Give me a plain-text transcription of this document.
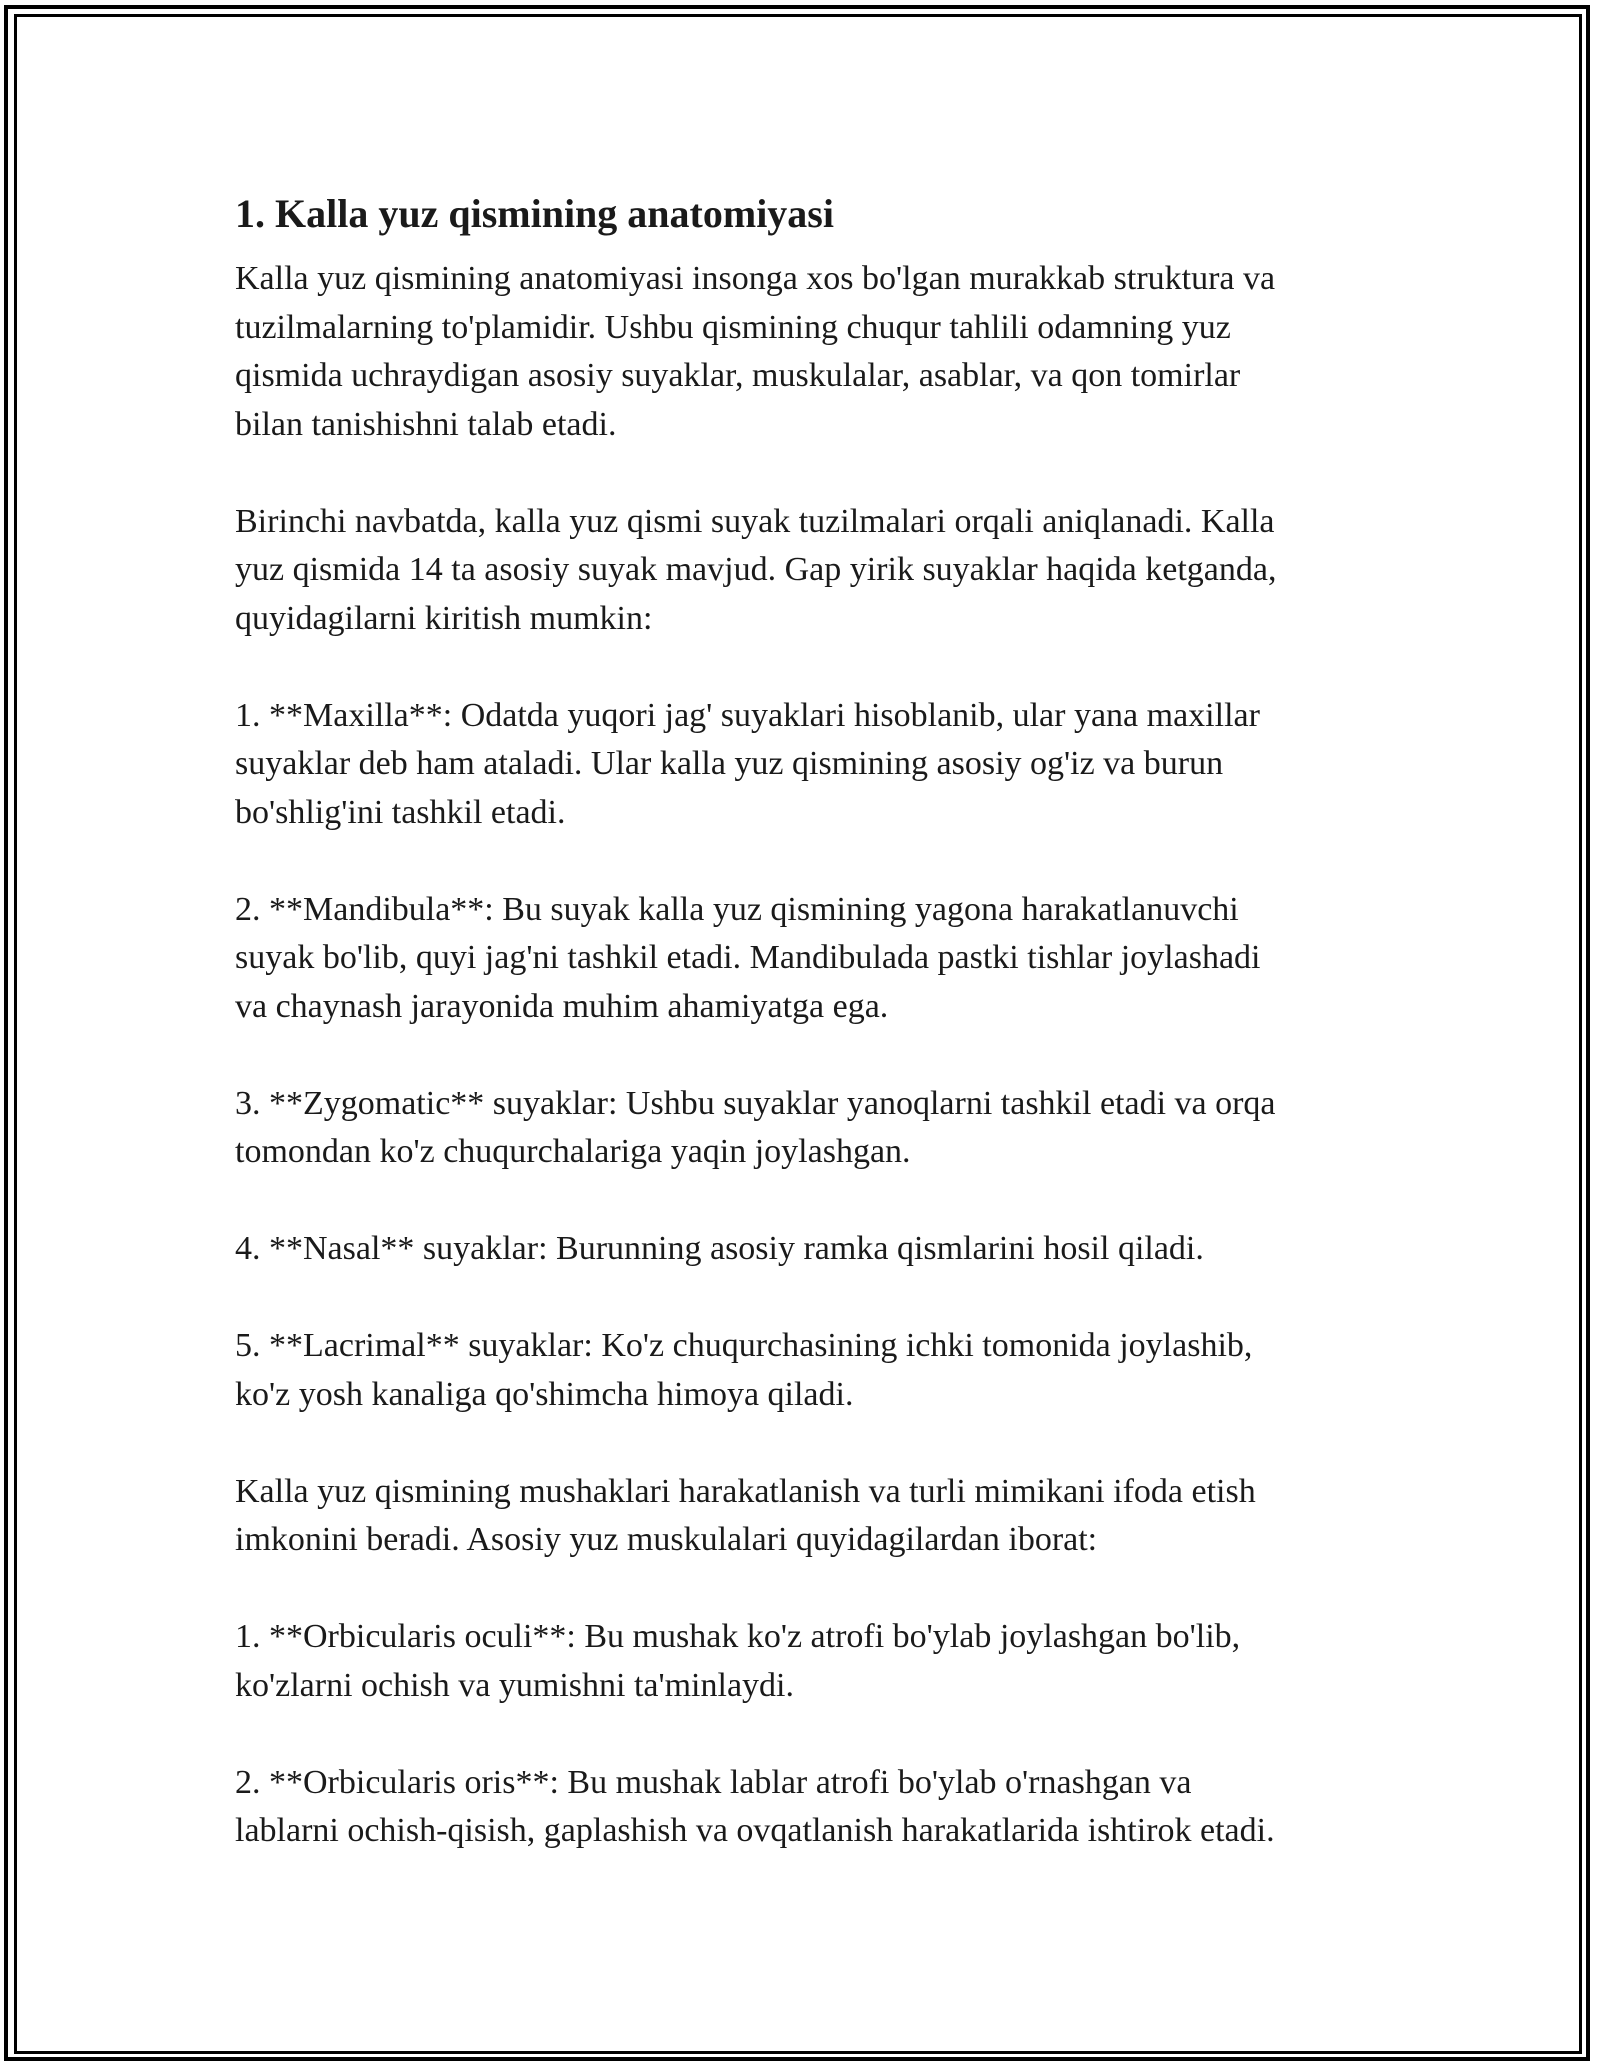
1. Kalla yuz qismining anatomiyasi

Kalla yuz qismining anatomiyasi insonga xos bo'lgan murakkab struktura va
tuzilmalarning to'plamidir. Ushbu qismining chuqur tahlili odamning yuz
qismida uchraydigan asosiy suyaklar, muskulalar, asablar, va qon tomirlar
bilan tanishishni talab etadi.

Birinchi navbatda, kalla yuz qismi suyak tuzilmalari orqali aniqlanadi. Kalla
yuz qismida 14 ta asosiy suyak mavjud. Gap yirik suyaklar haqida ketganda,
quyidagilarni kiritish mumkin:

1. **Maxilla**: Odatda yuqori jag' suyaklari hisoblanib, ular yana maxillar
suyaklar deb ham ataladi. Ular kalla yuz qismining asosiy og'iz va burun
bo'shlig'ini tashkil etadi.

2. **Mandibula**: Bu suyak kalla yuz qismining yagona harakatlanuvchi
suyak bo'lib, quyi jag'ni tashkil etadi. Mandibulada pastki tishlar joylashadi
va chaynash jarayonida muhim ahamiyatga ega.

3. **Zygomatic** suyaklar: Ushbu suyaklar yanoqlarni tashkil etadi va orqa
tomondan ko'z chuqurchalariga yaqin joylashgan.

4. **Nasal** suyaklar: Burunning asosiy ramka qismlarini hosil qiladi.

5. **Lacrimal** suyaklar: Ko'z chuqurchasining ichki tomonida joylashib,
ko'z yosh kanaliga qo'shimcha himoya qiladi.

Kalla yuz qismining mushaklari harakatlanish va turli mimikani ifoda etish
imkonini beradi. Asosiy yuz muskulalari quyidagilardan iborat:

1. **Orbicularis oculi**: Bu mushak ko'z atrofi bo'ylab joylashgan bo'lib,
ko'zlarni ochish va yumishni ta'minlaydi.

2. **Orbicularis oris**: Bu mushak lablar atrofi bo'ylab o'rnashgan va
lablarni ochish-qisish, gaplashish va ovqatlanish harakatlarida ishtirok etadi.
